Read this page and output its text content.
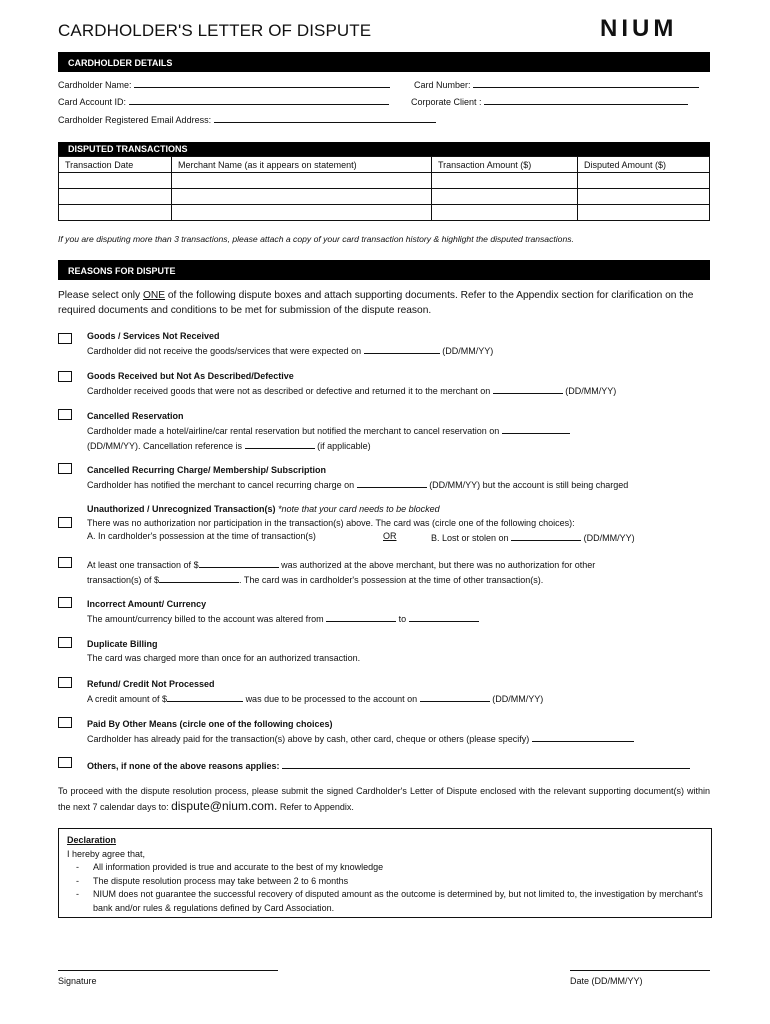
CARDHOLDER'S LETTER OF DISPUTE	NIUM
CARDHOLDER DETAILS
Cardholder Name:	Card Number:
Card Account ID:	Corporate Client :
Cardholder Registered Email Address:
DISPUTED TRANSACTIONS
Transaction Date	Merchant Name (as it appears on statement)	Transaction Amount ($)	Disputed Amount ($)

If you are disputing more than 3 transactions, please attach a copy of your card transaction history & highlight the disputed transactions.
REASONS FOR DISPUTE
Please select only ONE of the following dispute boxes and attach supporting documents. Refer to the Appendix section for clarification on the required documents and conditions to be met for submission of the dispute reason.
Goods / Services Not Received
Cardholder did not receive the goods/services that were expected on	(DD/MM/YY)
Goods Received but Not As Described/Defective
Cardholder received goods that were not as described or defective and returned it to the merchant on	(DD/MM/YY)
Cancelled Reservation
Cardholder made a hotel/airline/car rental reservation but notified the merchant to cancel reservation on
(DD/MM/YY). Cancellation reference is	(if applicable)
Cancelled Recurring Charge/ Membership/ Subscription
Cardholder has notified the merchant to cancel recurring charge on	(DD/MM/YY) but the account is still being charged
Unauthorized / Unrecognized Transaction(s) *note that your card needs to be blocked
There was no authorization nor participation in the transaction(s) above. The card was (circle one of the following choices):
A. In cardholder's possession at the time of transaction(s)	OR	B. Lost or stolen on	(DD/MM/YY)
At least one transaction of $	was authorized at the above merchant, but there was no authorization for other
transaction(s) of $	. The card was in cardholder's possession at the time of other transaction(s).
Incorrect Amount/ Currency
The amount/currency billed to the account was altered from	to
Duplicate Billing
The card was charged more than once for an authorized transaction.
Refund/ Credit Not Processed
A credit amount of $	was due to be processed to the account on	(DD/MM/YY)
Paid By Other Means (circle one of the following choices)
Cardholder has already paid for the transaction(s) above by cash, other card, cheque or others (please specify)
Others, if none of the above reasons applies:
To proceed with the dispute resolution process, please submit the signed Cardholder's Letter of Dispute enclosed with the relevant supporting document(s) within the next 7 calendar days to: dispute@nium.com. Refer to Appendix.
Declaration
I hereby agree that,
- All information provided is true and accurate to the best of my knowledge
- The dispute resolution process may take between 2 to 6 months
- NIUM does not guarantee the successful recovery of disputed amount as the outcome is determined by, but not limited to, the investigation by merchant's bank and/or rules & regulations defined by Card Association.
Signature	Date (DD/MM/YY)
